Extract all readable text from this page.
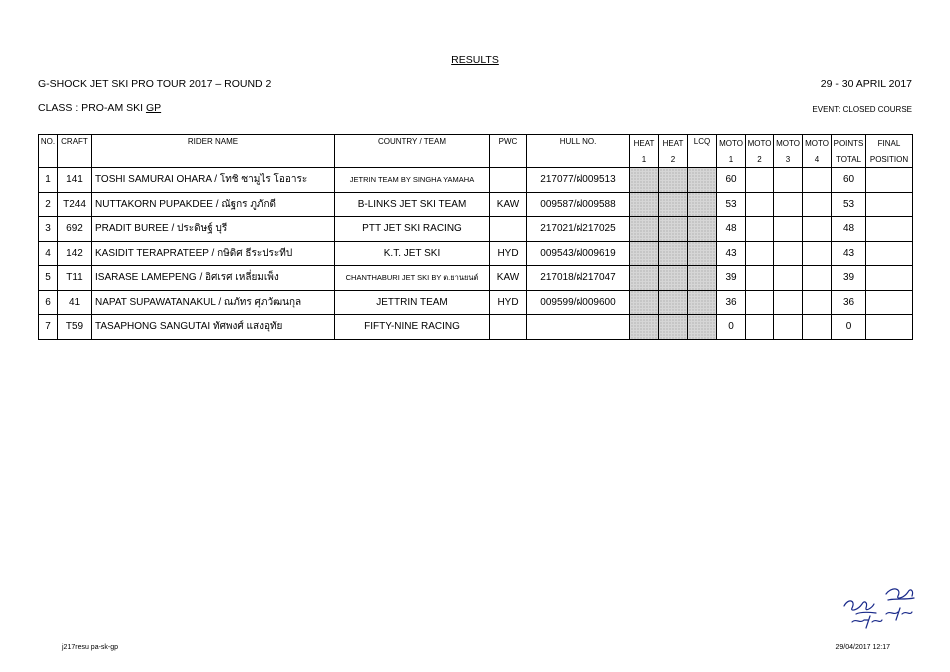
RESULTS
G-SHOCK JET SKI PRO TOUR 2017 – ROUND 2	29 - 30 APRIL 2017
CLASS : PRO-AM SKI GP	EVENT: CLOSED COURSE
NO.	CRAFT	RIDER NAME	COUNTRY / TEAM	PWC	HULL NO.	HEAT	HEAT	LCQ	MOTO	MOTO	MOTO	MOTO	POINTS	FINAL
						1	2		1	2	3	4	TOTAL	POSITION
1	141	TOSHI SAMURAI OHARA / โทชิ ซามูไร โออาระ	JETRIN TEAM BY SINGHA YAMAHA		217077/ฝ009513				60				60	
2	T244	NUTTAKORN PUPAKDEE / ณัฐกร ภูภักดี	B-LINKS JET SKI TEAM	KAW	009587/ฝ009588				53				53	
3	692	PRADIT BUREE / ประดิษฐ์ บุรี	PTT JET SKI RACING		217021/ฝ217025				48				48	
4	142	KASIDIT TERAPRATEEP / กษิดิศ ธีระประทีป	K.T. JET SKI	HYD	009543/ฝ009619				43				43	
5	T11	ISARASE LAMEPENG / อิศเรศ เหลี่ยมเพ็ง	CHANTHABURI JET SKI BY ต.ยานยนต์	KAW	217018/ฝ217047				39				39	
6	41	NAPAT SUPAWATANAKUL / ณภัทร ศุภวัฒนกุล	JETTRIN TEAM	HYD	009599/ฝ009600				36				36	
7	T59	TASAPHONG SANGUTAI ทัศพงศ์ แสงอุทัย	FIFTY-NINE RACING						0				0	
j217resu pa-sk-gp	29/04/2017 12:17
